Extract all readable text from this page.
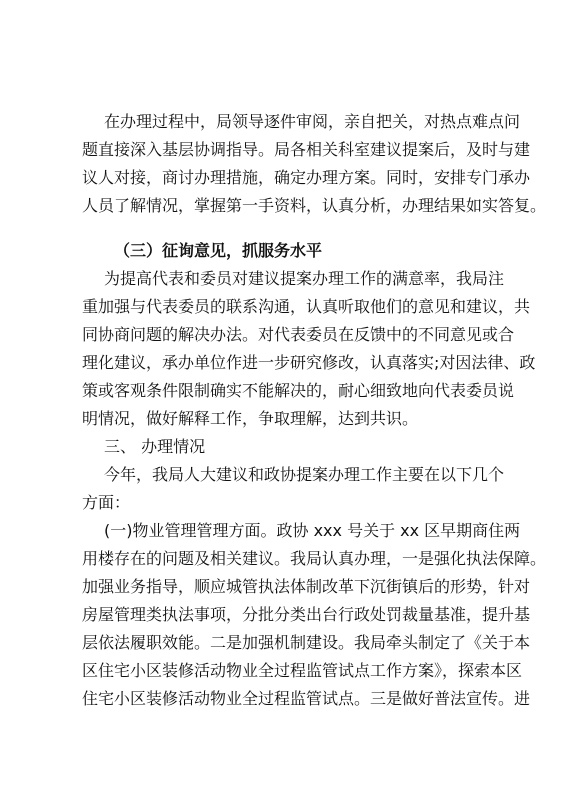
在办理过程中，局领导逐件审阅，亲自把关，对热点难点问
题直接深入基层协调指导。局各相关科室建议提案后，及时与建
议人对接，商讨办理措施，确定办理方案。同时，安排专门承办
人员了解情况，掌握第一手资料，认真分析，办理结果如实答复。
（三）征询意见，抓服务水平
为提高代表和委员对建议提案办理工作的满意率，我局注
重加强与代表委员的联系沟通，认真听取他们的意见和建议，共
同协商问题的解决办法。对代表委员在反馈中的不同意见或合
理化建议，承办单位作进一步研究修改，认真落实;对因法律、政
策或客观条件限制确实不能解决的，耐心细致地向代表委员说
明情况，做好解释工作，争取理解，达到共识。
三、 办理情况
今年，我局人大建议和政协提案办理工作主要在以下几个
方面：
(一)物业管理管理方面。政协 xxx 号关于 xx 区早期商住两
用楼存在的问题及相关建议。我局认真办理，一是强化执法保障。
加强业务指导，顺应城管执法体制改革下沉街镇后的形势，针对
房屋管理类执法事项，分批分类出台行政处罚裁量基准，提升基
层依法履职效能。二是加强机制建设。我局牵头制定了《关于本
区住宅小区装修活动物业全过程监管试点工作方案》，探索本区
住宅小区装修活动物业全过程监管试点。三是做好普法宣传。进
